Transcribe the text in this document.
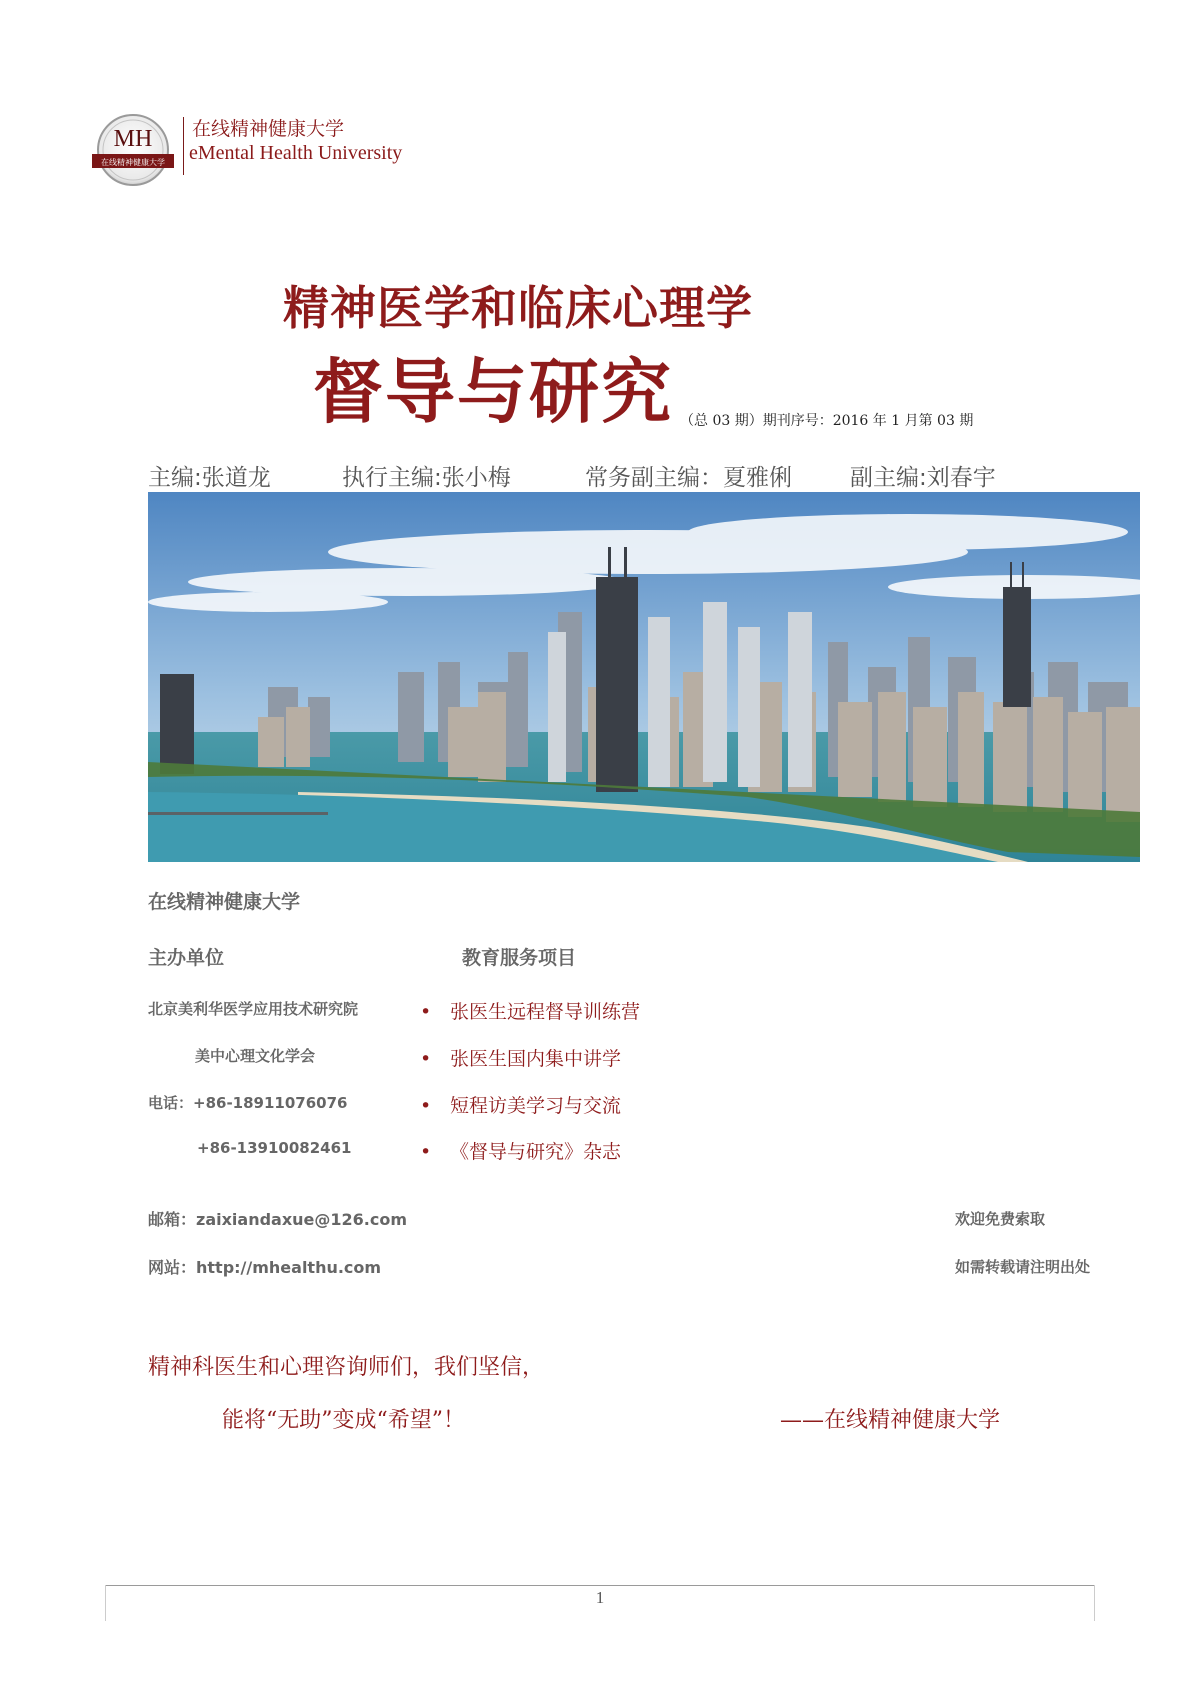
MH
在线精神健康大学
在线精神健康大学
eMental Health University
精神医学和临床心理学
督导与研究 （总 03 期）期刊序号：2016 年 1 月第 03 期
主编:张道龙	执行主编:张小梅	常务副主编：夏雅俐	副主编:刘春宇
在线精神健康大学
主办单位	教育服务项目
北京美利华医学应用技术研究院
美中心理文化学会
电话：+86-18911076076
+86-13910082461
• 张医生远程督导训练营
• 张医生国内集中讲学
• 短程访美学习与交流
• 《督导与研究》杂志
邮箱：zaixiandaxue@126.com
网站：http://mhealthu.com
欢迎免费索取
如需转载请注明出处
精神科医生和心理咨询师们，我们坚信，
能将“无助”变成“希望”！	——在线精神健康大学
1
